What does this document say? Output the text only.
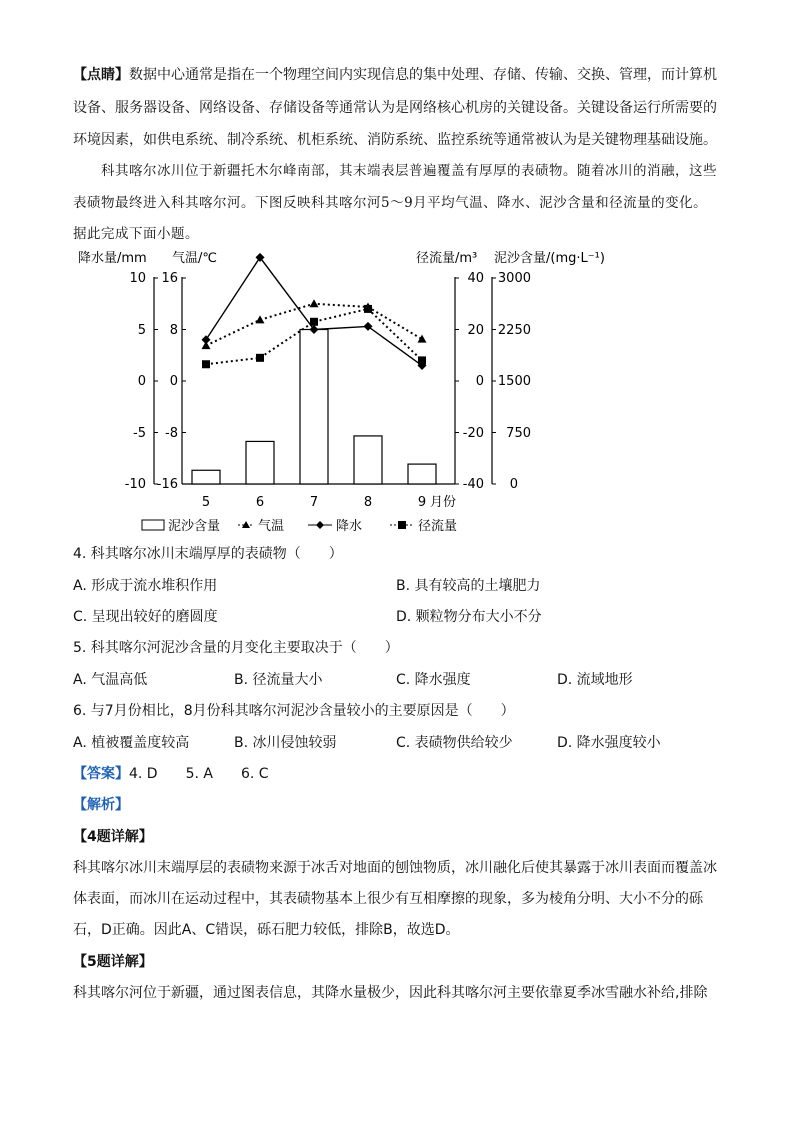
【点睛】数据中心通常是指在一个物理空间内实现信息的集中处理、存储、传输、交换、管理，而计算机
设备、服务器设备、网络设备、存储设备等通常认为是网络核心机房的关键设备。关键设备运行所需要的
环境因素，如供电系统、制冷系统、机柜系统、消防系统、监控系统等通常被认为是关键物理基础设施。
科其喀尔冰川位于新疆托木尔峰南部，其末端表层普遍覆盖有厚厚的表碛物。随着冰川的消融，这些
表碛物最终进入科其喀尔河。下图反映科其喀尔河5～9月平均气温、降水、泥沙含量和径流量的变化。
据此完成下面小题。
降水量/mm 气温/℃	径流量/m³ 泥沙含量/(mg·L⁻¹)
10
5
0
-5
-10
16
8
0
-8
-16
40
20
0
-20
-40
3000
2250
1500
750
0
5	6	7	8	9 月份
泥沙含量	气温	降水	径流量
4. 科其喀尔冰川末端厚厚的表碛物（　　）
A. 形成于流水堆积作用	B. 具有较高的土壤肥力
C. 呈现出较好的磨圆度	D. 颗粒物分布大小不分
5. 科其喀尔河泥沙含量的月变化主要取决于（　　）
A. 气温高低	B. 径流量大小	C. 降水强度	D. 流域地形
6. 与7月份相比，8月份科其喀尔河泥沙含量较小的主要原因是（　　）
A. 植被覆盖度较高	B. 冰川侵蚀较弱	C. 表碛物供给较少	D. 降水强度较小
【答案】4. D　　5. A　　6. C
【解析】
【4题详解】
科其喀尔冰川末端厚层的表碛物来源于冰舌对地面的刨蚀物质，冰川融化后使其暴露于冰川表面而覆盖冰
体表面，而冰川在运动过程中，其表碛物基本上很少有互相摩擦的现象，多为棱角分明、大小不分的砾
石，D正确。因此A、C错误，砾石肥力较低，排除B，故选D。
【5题详解】
科其喀尔河位于新疆，通过图表信息，其降水量极少，因此科其喀尔河主要依靠夏季冰雪融水补给,排除
